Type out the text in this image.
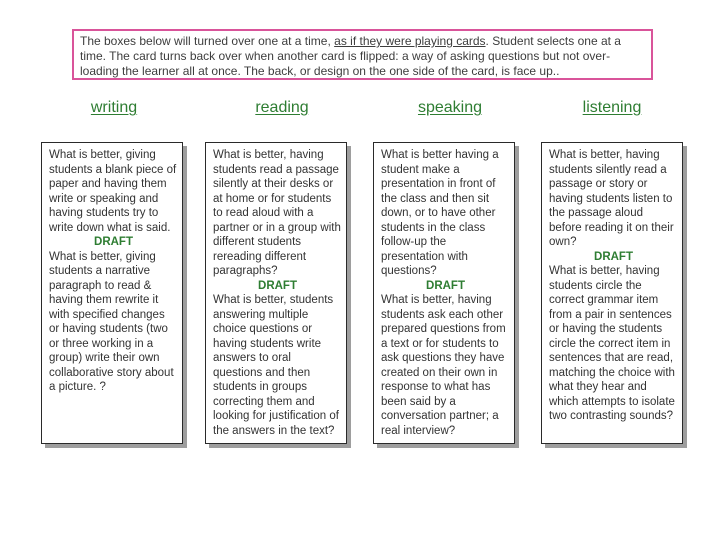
The boxes below will turned over one at a time, as if they were playing cards. Student selects one at a time. The card turns back over when another card is flipped: a way of asking questions but not over-loading the learner all at once. The back, or design on the one side of the card, is face up..
writing	reading	speaking	listening
What is better, giving students a blank piece of paper and having them write or speaking and having students try to write down what is said.
DRAFT
What is better, giving students a narrative paragraph to read & having them rewrite it with specified changes or having students (two or three working in a group) write their own collaborative story about a picture. ?
What is better, having students read a passage silently at their desks or at home or for students to read aloud with a partner or in a group with different students rereading different paragraphs?
DRAFT
What is better, students answering multiple choice questions or having students write answers to oral questions and then students in groups correcting them and looking for justification of the answers in the text?
What is better having a student make a presentation in front of the class and then sit down, or to have other students in the class follow-up the presentation with questions?
DRAFT
What is better, having students ask each other prepared questions from a text or for students to ask questions they have created on their own in response to what has been said by a conversation partner; a real interview?
What is better, having students silently read a passage or story or having students listen to the passage aloud before reading it on their own?
DRAFT
What is better, having students circle the correct grammar item from a pair in sentences or having the students circle the correct item in sentences that are read, matching the choice with what they hear and which attempts to isolate two contrasting sounds?
